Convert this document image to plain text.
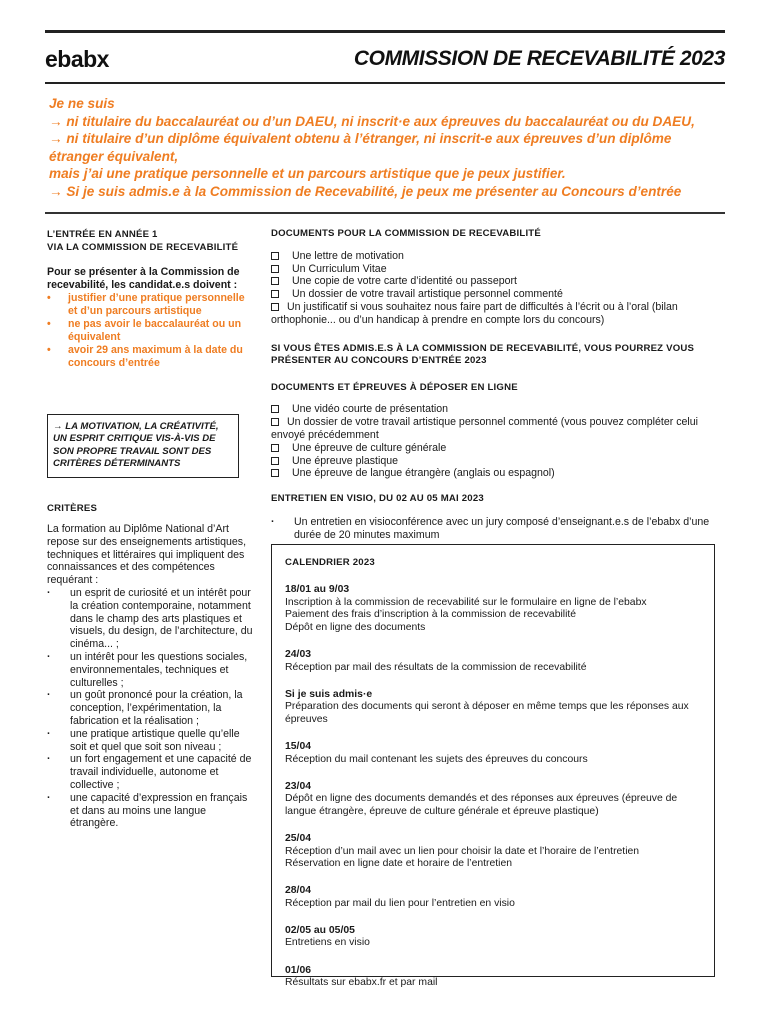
ebabx	COMMISSION DE RECEVABILITÉ 2023

Je ne suis

→ ni titulaire du baccalauréat ou d’un DAEU, ni inscrit·e aux épreuves du baccalauréat ou du DAEU,

→ ni titulaire d’un diplôme équivalent obtenu à l’étranger, ni inscrit-e aux épreuves d’un diplôme étranger équivalent,

mais j’ai une pratique personnelle et un parcours artistique que je peux justifier.

→ Si je suis admis.e à la Commission de Recevabilité, je peux me présenter au Concours d’entrée

L’ENTRÉE EN ANNÉE 1
VIA LA COMMISSION DE RECEVABILITÉ
Pour se présenter à la Commission de recevabilité, les candidat.e.s doivent :
• justifier d’une pratique personnelle et d’un parcours artistique
• ne pas avoir le baccalauréat ou un équivalent
• avoir 29 ans maximum à la date du concours d’entrée
→ LA MOTIVATION, LA CRÉATIVITÉ, UN ESPRIT CRITIQUE VIS-À-VIS DE SON PROPRE TRAVAIL SONT DES CRITÈRES DÉTERMINANTS
CRITÈRES
La formation au Diplôme National d’Art repose sur des enseignements artistiques, techniques et littéraires qui impliquent des connaissances et des compétences requérant :
· un esprit de curiosité et un intérêt pour la création contemporaine, notamment dans le champ des arts plastiques et visuels, du design, de l’architecture, du cinéma... ;
· un intérêt pour les questions sociales, environnementales, techniques et culturelles ;
· un goût prononcé pour la création, la conception, l’expérimentation, la fabrication et la réalisation ;
· une pratique artistique quelle qu’elle soit et quel que soit son niveau ;
· un fort engagement et une capacité de travail individuelle, autonome et collective ;
· une capacité d’expression en français et dans au moins une langue étrangère.
DOCUMENTS POUR LA COMMISSION DE RECEVABILITÉ
Une lettre de motivation
Un Curriculum Vitae
Une copie de votre carte d’identité ou passeport
Un dossier de votre travail artistique personnel commenté
Un justificatif si vous souhaitez nous faire part de difficultés à l’écrit ou à l’oral (bilan orthophonie... ou d’un handicap à prendre en compte lors du concours)
SI VOUS ÊTES ADMIS.E.S À LA COMMISSION DE RECEVABILITÉ, VOUS POURREZ VOUS PRÉSENTER AU CONCOURS D’ENTRÉE 2023
DOCUMENTS ET ÉPREUVES À DÉPOSER EN LIGNE
Une vidéo courte de présentation
Un dossier de votre travail artistique personnel commenté (vous pouvez compléter celui envoyé précédemment
Une épreuve de culture générale
Une épreuve plastique
Une épreuve de langue étrangère (anglais ou espagnol)
ENTRETIEN EN VISIO, DU 02 AU 05 MAI 2023
· Un entretien en visioconférence avec un jury composé d’enseignant.e.s de l’ebabx d’une durée de 20 minutes maximum
CALENDRIER 2023
18/01 au 9/03
Inscription à la commission de recevabilité sur le formulaire en ligne de l’ebabx
Paiement des frais d’inscription à la commission de recevabilité
Dépôt en ligne des documents
24/03
Réception par mail des résultats de la commission de recevabilité
Si je suis admis·e
Préparation des documents qui seront à déposer en même temps que les réponses aux épreuves
15/04
Réception du mail contenant les sujets des épreuves du concours
23/04
Dépôt en ligne des documents demandés et des réponses aux épreuves (épreuve de langue étrangère, épreuve de culture générale et épreuve plastique)
25/04
Réception d’un mail avec un lien pour choisir la date et l’horaire de l’entretien
Réservation en ligne date et horaire de l’entretien
28/04
Réception par mail du lien pour l’entretien en visio
02/05 au 05/05
Entretiens en visio
01/06
Résultats sur ebabx.fr et par mail
